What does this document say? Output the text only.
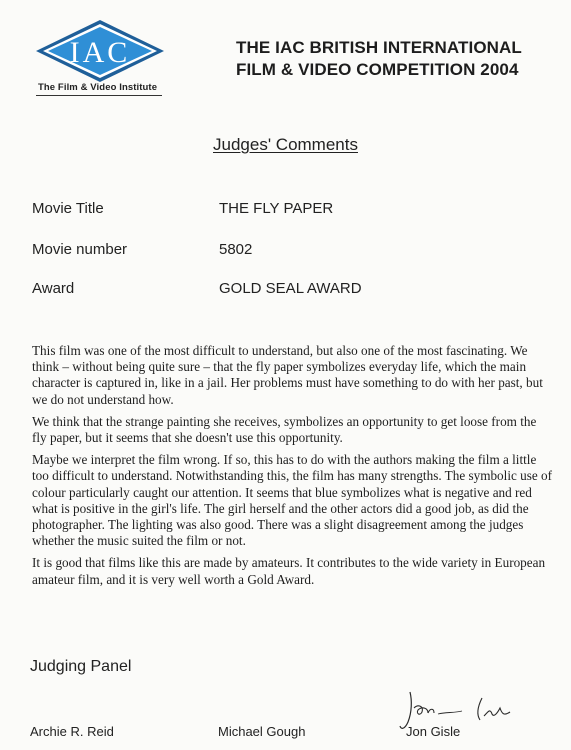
IAC
The Film & Video Institute
THE IAC BRITISH INTERNATIONAL
FILM & VIDEO COMPETITION 2004
Judges' Comments
Movie Title	THE FLY PAPER
Movie number	5802
Award	GOLD SEAL AWARD

This film was one of the most difficult to understand, but also one of the most fascinating. We think – without being quite sure – that the fly paper symbolizes everyday life, which the main character is captured in, like in a jail. Her problems must have something to do with her past, but we do not understand how.

We think that the strange painting she receives, symbolizes an opportunity to get loose from the fly paper, but it seems that she doesn't use this opportunity.

Maybe we interpret the film wrong. If so, this has to do with the authors making the film a little too difficult to understand. Notwithstanding this, the film has many strengths. The symbolic use of colour particularly caught our attention. It seems that blue symbolizes what is negative and red what is positive in the girl's life. The girl herself and the other actors did a good job, as did the photographer. The lighting was also good. There was a slight disagreement among the judges whether the music suited the film or not.

It is good that films like this are made by amateurs. It contributes to the wide variety in European amateur film, and it is very well worth a Gold Award.

Judging Panel
Archie R. Reid	Michael Gough	Jon Gisle
